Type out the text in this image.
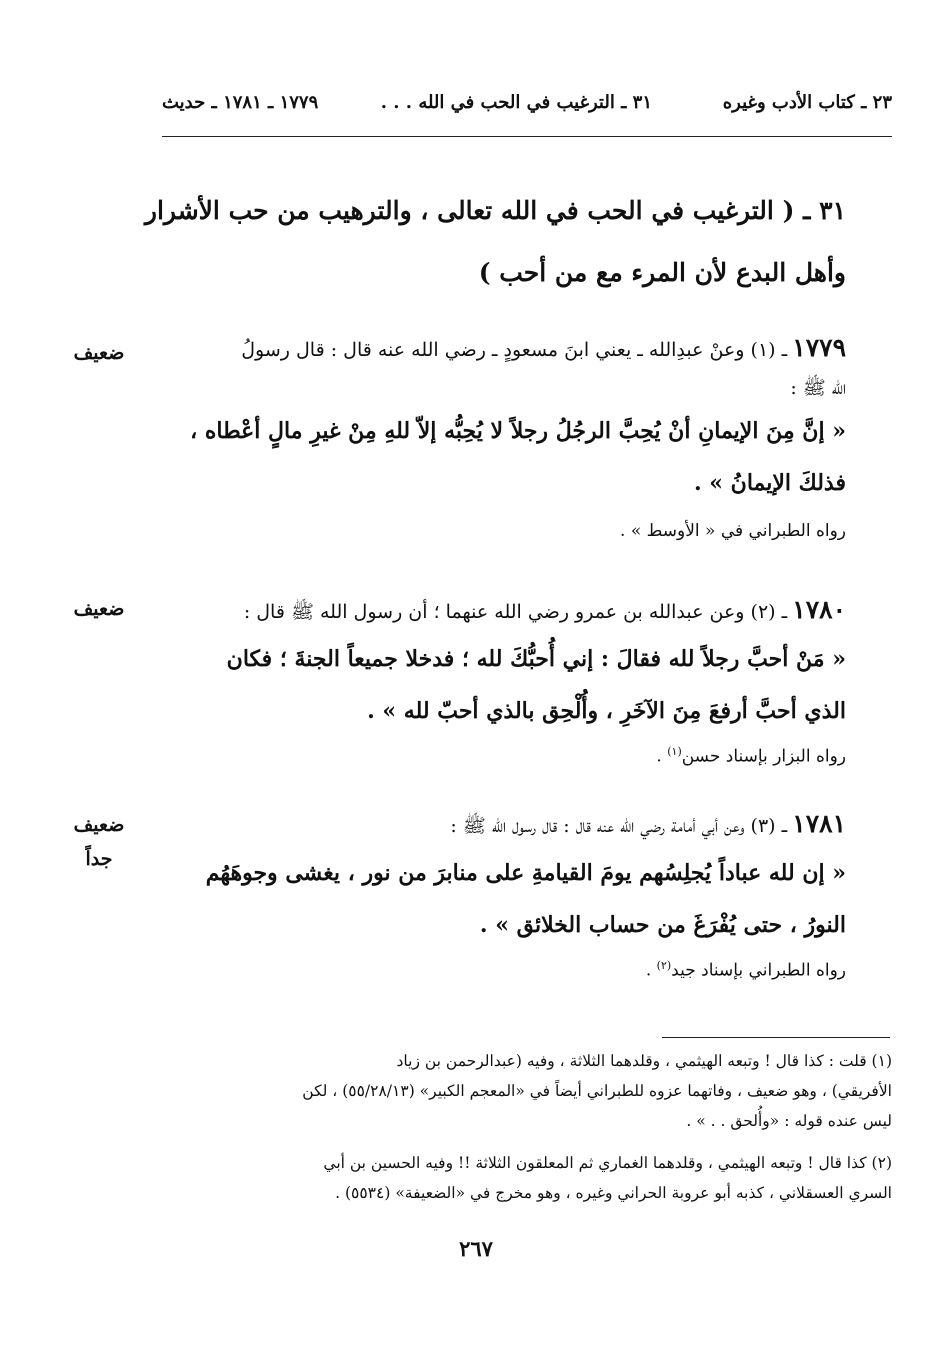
٢٣ ـ كتاب الأدب وغيره
٣١ ـ الترغيب في الحب في الله . . .
١٧٧٩ ـ ١٧٨١ ـ حديث
٣١ ـ ( الترغيب في الحب في الله تعالى ، والترهيب من حب الأشرار
وأهل البدع لأن المرء مع من أحب )
١٧٧٩ ـ (١) وعنْ عبدِالله ـ يعني ابنَ مسعودٍ ـ رضي الله عنه قال : قال رسولُ
الله ﷺ :
« إنَّ مِنَ الإيمانِ أنْ يُحِبَّ الرجُلُ رجلاً لا يُحِبُّه إلاّ للهِ مِنْ غيرِ مالٍ أعْطاه ،
فذلكَ الإيمانُ » .
رواه الطبراني في « الأوسط » .
ضعيف
١٧٨٠ ـ (٢) وعن عبدالله بن عمرو رضي الله عنهما ؛ أن رسول الله ﷺ قال :
« مَنْ أحبَّ رجلاً لله فقالَ : إني أُحبُّكَ لله ؛ فدخلا جميعاً الجنةَ ؛ فكان
الذي أحبَّ أرفعَ مِنَ الآخَرِ ، وأُلْحِق بالذي أحبّ لله » .
رواه البزار بإسناد حسن$^{(١)}$ .
ضعيف
١٧٨١ ـ (٣) وعن أبي أمامة رضي الله عنه قال : قال رسول الله ﷺ :
« إن لله عباداً يُجلِسُهم يومَ القيامةِ على منابرَ من نور ، يغشى وجوهَهُم
النورُ ، حتى يُفْرَغَ من حساب الخلائق » .
رواه الطبراني بإسناد جيد$^{(٢)}$ .
ضعيف
جداً
(١) قلت : كذا قال ! وتبعه الهيثمي ، وقلدهما الثلاثة ، وفيه (عبدالرحمن بن زياد
الأفريقي) ، وهو ضعيف ، وفاتهما عزوه للطبراني أيضاً في «المعجم الكبير» (٥٥/٢٨/١٣) ، لكن
ليس عنده قوله : «وأُلحق . . » .
(٢) كذا قال ! وتبعه الهيثمي ، وقلدهما الغماري ثم المعلقون الثلاثة !! وفيه الحسين بن أبي
السري العسقلاني ، كذبه أبو عروبة الحراني وغيره ، وهو مخرج في «الضعيفة» (٥٥٣٤) .
٢٦٧
